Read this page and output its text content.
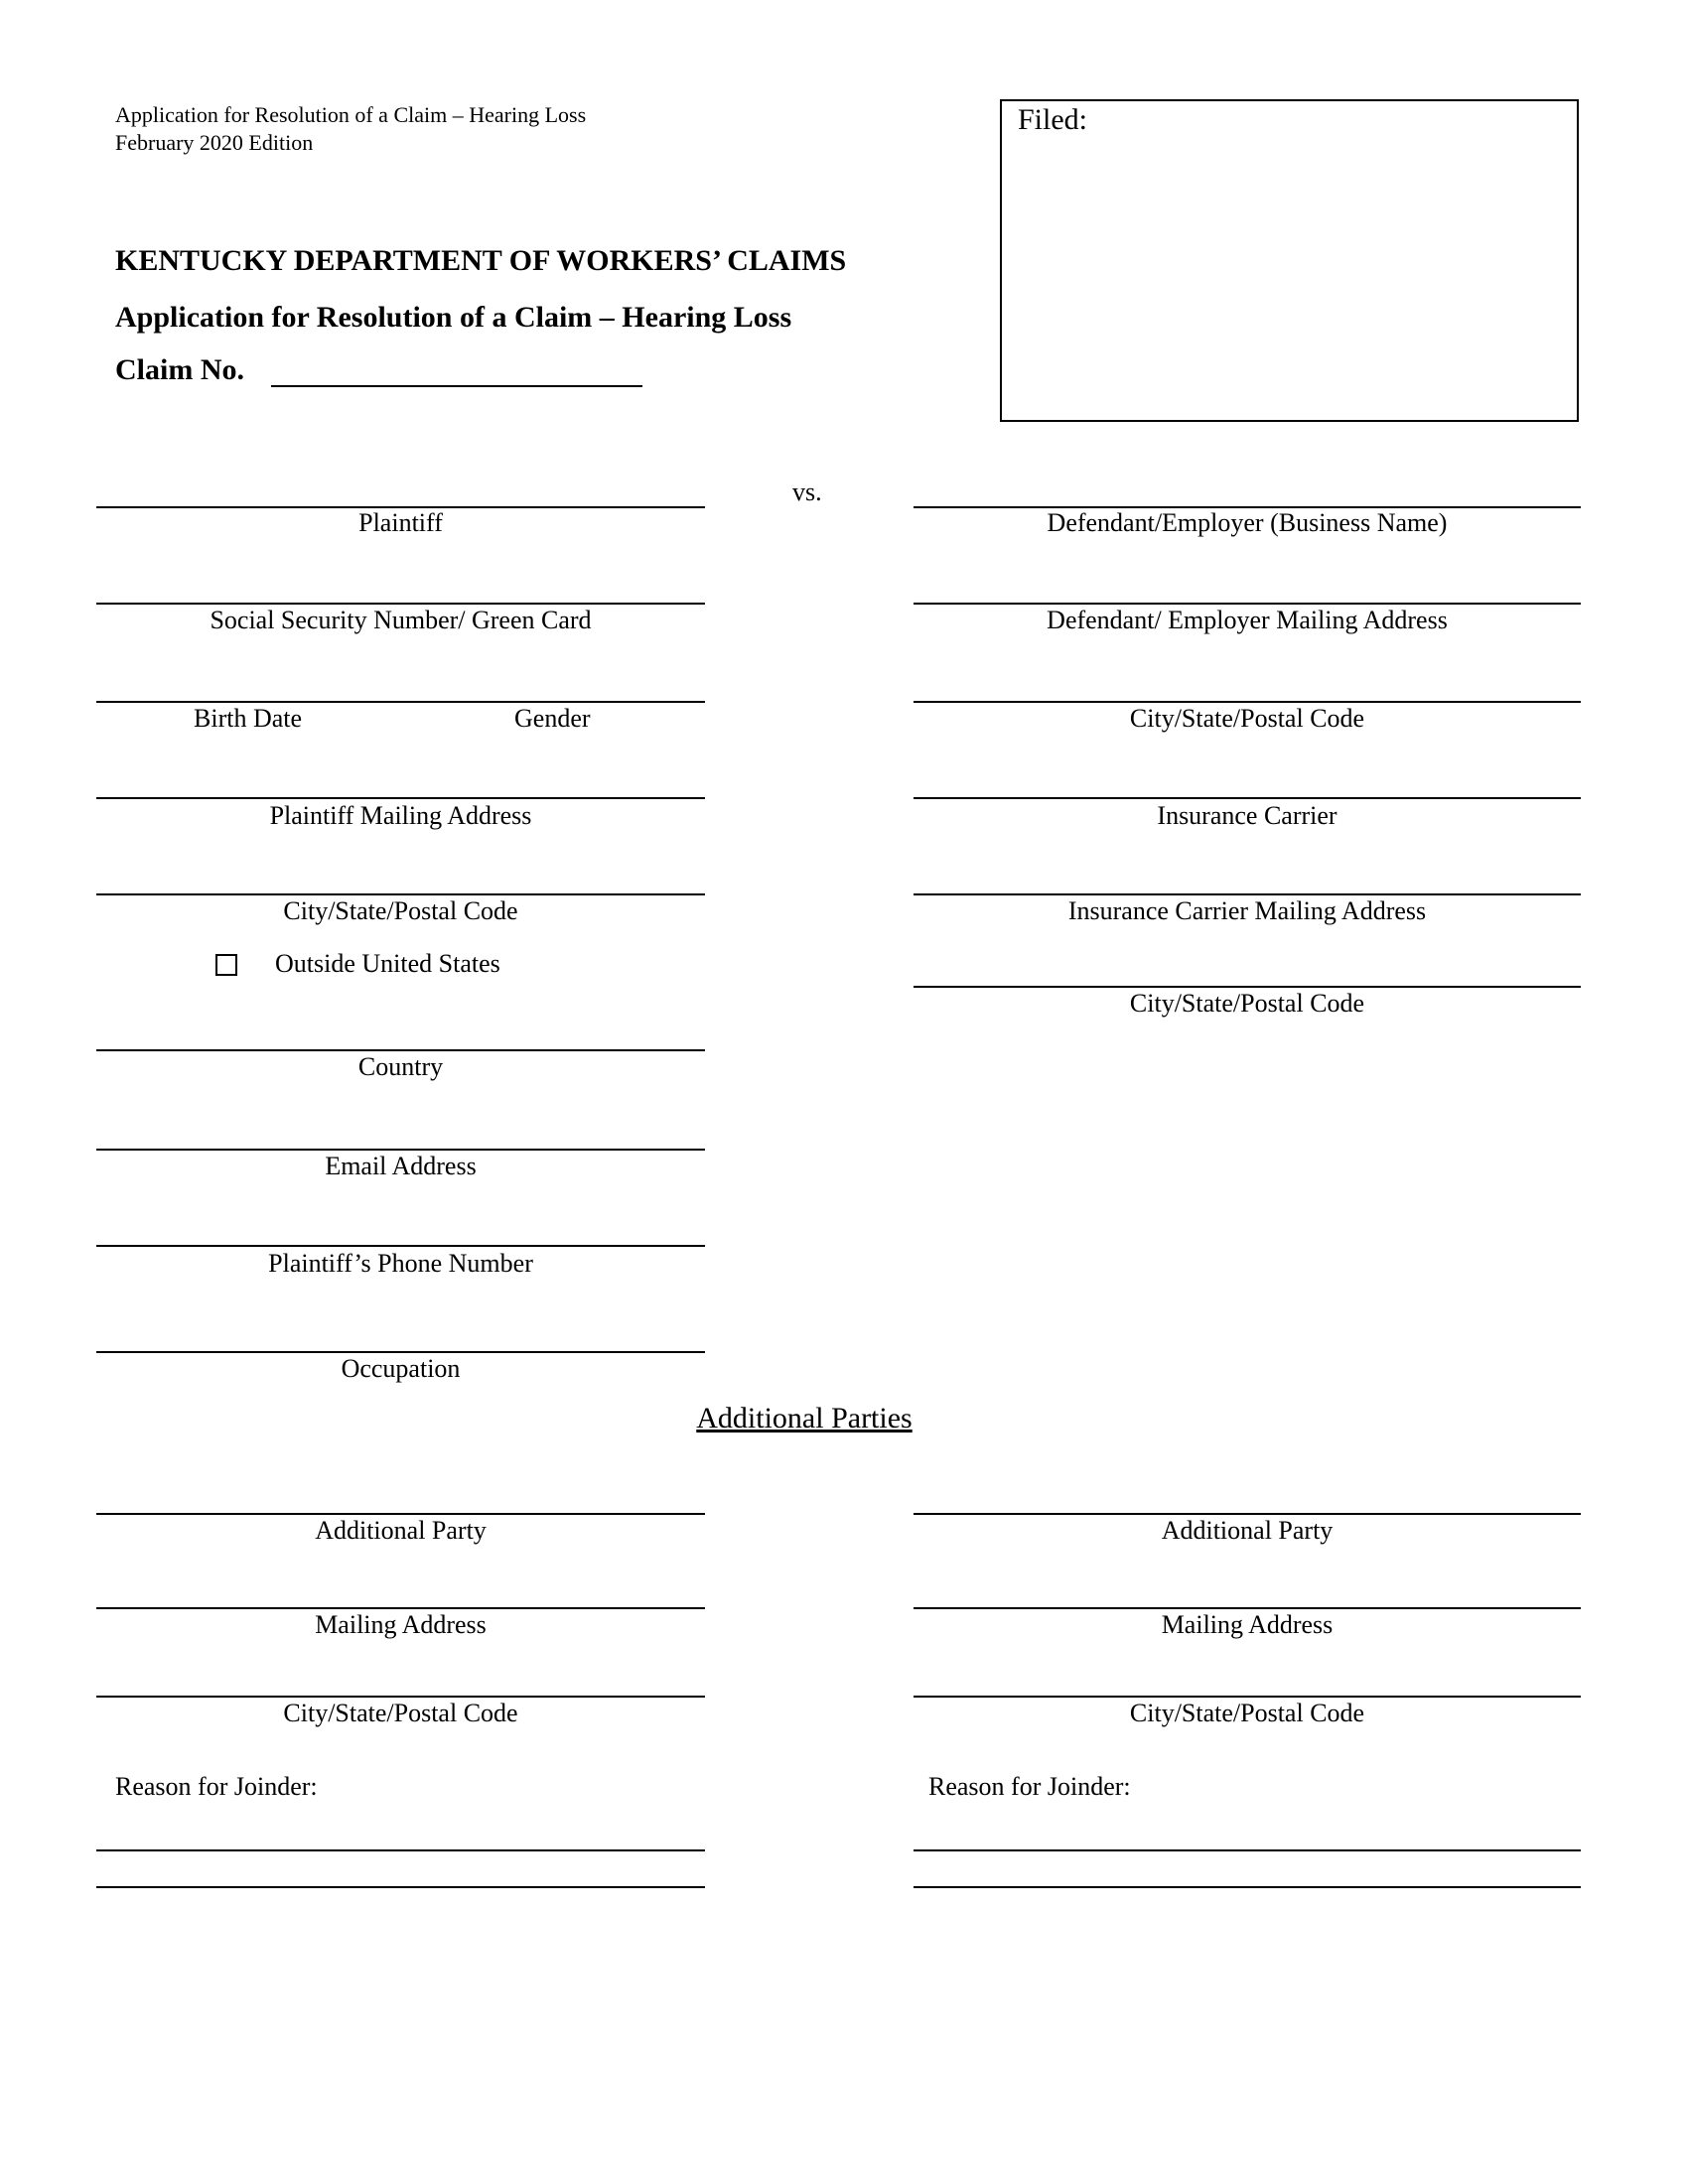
Application for Resolution of a Claim – Hearing Loss
February 2020 Edition
KENTUCKY DEPARTMENT OF WORKERS’ CLAIMS
Application for Resolution of a Claim – Hearing Loss
Claim No.
Filed:
vs.
Plaintiff
Social Security Number/ Green Card
Birth Date	Gender
Plaintiff Mailing Address
City/State/Postal Code
Outside United States
Country
Email Address
Plaintiff’s Phone Number
Occupation
Defendant/Employer (Business Name)
Defendant/ Employer Mailing Address
City/State/Postal Code
Insurance Carrier
Insurance Carrier Mailing Address
City/State/Postal Code
Additional Parties
Additional Party
Mailing Address
City/State/Postal Code
Reason for Joinder:
Additional Party
Mailing Address
City/State/Postal Code
Reason for Joinder:
